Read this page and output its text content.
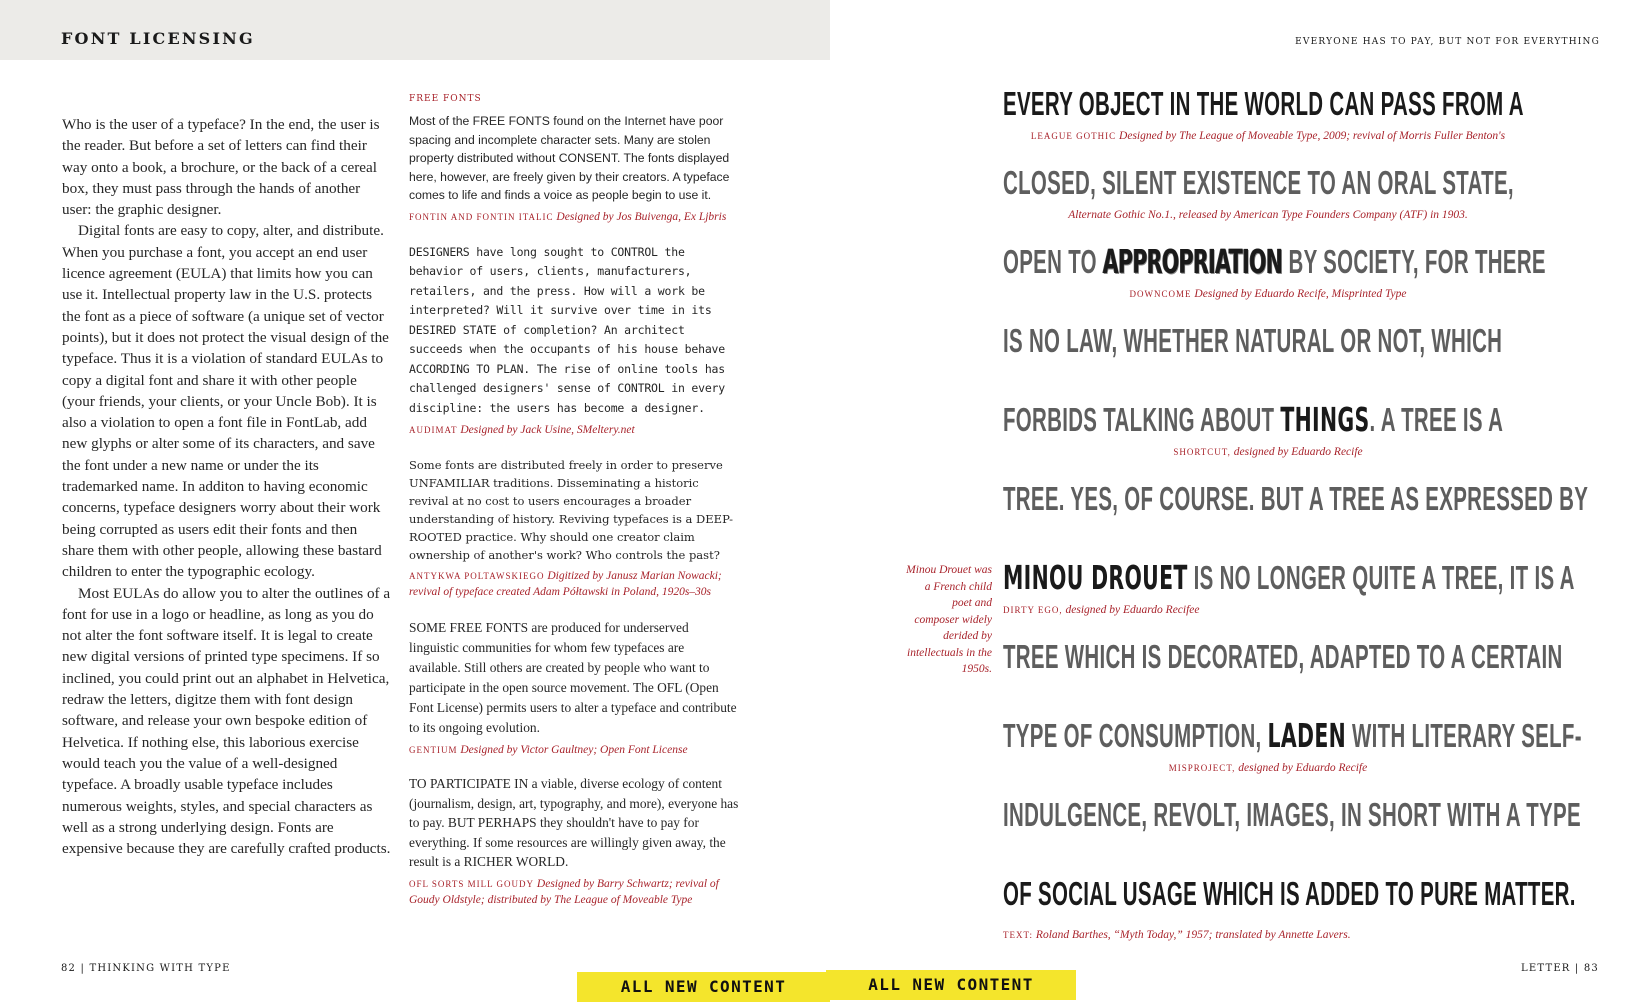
FONT LICENSING

Who is the user of a typeface? In the end, the user is the reader. But before a set of letters can find their way onto a book, a brochure, or the back of a cereal box, they must pass through the hands of another user: the graphic designer.

Digital fonts are easy to copy, alter, and distribute. When you purchase a font, you accept an end user licence agreement (EULA) that limits how you can use it. Intellectual property law in the U.S. protects the font as a piece of software (a unique set of vector points), but it does not protect the visual design of the typeface. Thus it is a violation of standard EULAs to copy a digital font and share it with other people (your friends, your clients, or your Uncle Bob). It is also a violation to open a font file in FontLab, add new glyphs or alter some of its characters, and save the font under a new name or under the its trademarked name. In additon to having economic concerns, typeface designers worry about their work being corrupted as users edit their fonts and then share them with other people, allowing these bastard children to enter the typographic ecology.

Most EULAs do allow you to alter the outlines of a font for use in a logo or headline, as long as you do not alter the font software itself. It is legal to create new digital versions of printed type specimens. If so inclined, you could print out an alphabet in Helvetica, redraw the letters, digitze them with font design software, and release your own bespoke edition of Helvetica. If nothing else, this laborious exercise would teach you the value of a well-designed typeface. A broadly usable typeface includes numerous weights, styles, and special characters as well as a strong underlying design. Fonts are expensive because they are carefully crafted products.

FREE FONTS

Most of the FREE FONTS found on the Internet have poor spacing and incomplete character sets. Many are stolen property distributed without CONSENT. The fonts displayed here, however, are freely given by their creators. A typeface comes to life and finds a voice as people begin to use it.

FONTIN AND FONTIN ITALIC Designed by Jos Buivenga, Ex Ljbris

DESIGNERS have long sought to CONTROL the behavior of users, clients, manufacturers, retailers, and the press. How will a work be interpreted? Will it survive over time in its DESIRED STATE of completion? An architect succeeds when the occupants of his house behave ACCORDING TO PLAN. The rise of online tools has challenged designers' sense of CONTROL in every discipline: the users has become a designer.

AUDIMAT Designed by Jack Usine, SMeltery.net

Some fonts are distributed freely in order to preserve UNFAMILIAR traditions. Disseminating a historic revival at no cost to users encourages a broader understanding of history. Reviving typefaces is a DEEP-ROOTED practice. Why should one creator claim ownership of another's work? Who controls the past?

ANTYKWA POLTAWSKIEGO Digitized by Janusz Marian Nowacki; revival of typeface created Adam Półtawski in Poland, 1920s–30s

SOME FREE FONTS are produced for underserved linguistic communities for whom few typefaces are available. Still others are created by people who want to participate in the open source movement. The OFL (Open Font License) permits users to alter a typeface and contribute to its ongoing evolution.

GENTIUM Designed by Victor Gaultney; Open Font License

TO PARTICIPATE IN a viable, diverse ecology of content (journalism, design, art, typography, and more), everyone has to pay. BUT PERHAPS they shouldn't have to pay for everything. If some resources are willingly given away, the result is a RICHER WORLD.

OFL SORTS MILL GOUDY Designed by Barry Schwartz; revival of Goudy Oldstyle; distributed by The League of Moveable Type

82 | THINKING WITH TYPE
ALL NEW CONTENT
EVERYONE HAS TO PAY, BUT NOT FOR EVERYTHING

EVERY OBJECT IN THE WORLD CAN PASS FROM A

LEAGUE GOTHIC Designed by The League of Moveable Type, 2009; revival of Morris Fuller Benton's

CLOSED, SILENT EXISTENCE TO AN ORAL STATE,

Alternate Gothic No.1., released by American Type Founders Company (ATF) in 1903.

OPEN TO APPROPRIATION BY SOCIETY, FOR THERE

DOWNCOME Designed by Eduardo Recife, Misprinted Type

IS NO LAW, WHETHER NATURAL OR NOT, WHICH

FORBIDS TALKING ABOUT THINGS. A TREE IS A

SHORTCUT, designed by Eduardo Recife

TREE. YES, OF COURSE. BUT A TREE AS EXPRESSED BY

MINOU DROUET IS NO LONGER QUITE A TREE, IT IS A

DIRTY EGO, designed by Eduardo Recifee

TREE WHICH IS DECORATED, ADAPTED TO A CERTAIN

TYPE OF CONSUMPTION, LADEN WITH LITERARY SELF-

MISPROJECT, designed by Eduardo Recife

INDULGENCE, REVOLT, IMAGES, IN SHORT WITH A TYPE

OF SOCIAL USAGE WHICH IS ADDED TO PURE MATTER.

Minou Drouet was a French child poet and composer widely derided by intellectuals in the 1950s.
TEXT: Roland Barthes, “Myth Today,” 1957; translated by Annette Lavers.
LETTER | 83
ALL NEW CONTENT
